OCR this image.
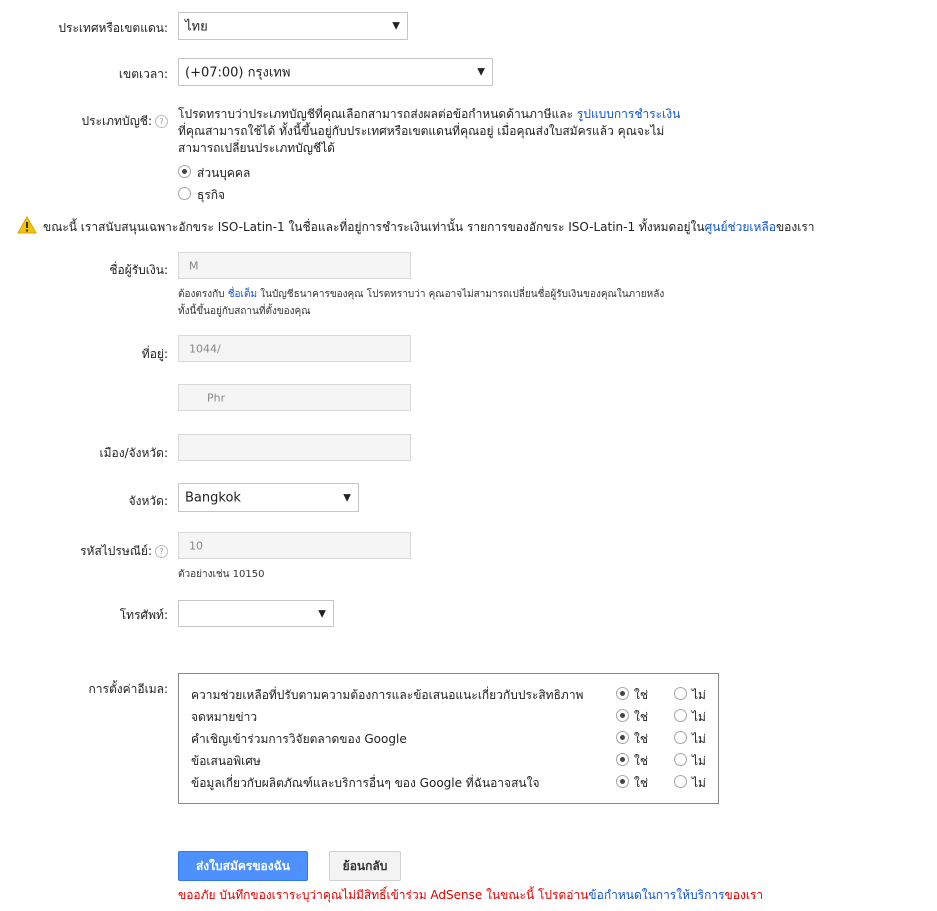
ประเทศหรือเขตแดน: ไทย	▼
เขตเวลา: (+07:00) กรุงเทพ	▼
ประเภทบัญชี: ?
โปรดทราบว่าประเภทบัญชีที่คุณเลือกสามารถส่งผลต่อข้อกำหนดด้านภาษีและ รูปแบบการชำระเงิน
ที่คุณสามารถใช้ได้ ทั้งนี้ขึ้นอยู่กับประเทศหรือเขตแดนที่คุณอยู่ เมื่อคุณส่งใบสมัครแล้ว คุณจะไม่
สามารถเปลี่ยนประเภทบัญชีได้
ส่วนบุคคล
ธุรกิจ
ขณะนี้ เราสนับสนุนเฉพาะอักขระ ISO-Latin-1 ในชื่อและที่อยู่การชำระเงินเท่านั้น รายการของอักขระ ISO-Latin-1 ทั้งหมดอยู่ในศูนย์ช่วยเหลือของเรา
ชื่อผู้รับเงิน: M
ต้องตรงกับ ชื่อเต็ม ในบัญชีธนาคารของคุณ โปรดทราบว่า คุณอาจไม่สามารถเปลี่ยนชื่อผู้รับเงินของคุณในภายหลัง
ทั้งนี้ขึ้นอยู่กับสถานที่ตั้งของคุณ
ที่อยู่: 1044/
Phr
เมือง/จังหวัด:
จังหวัด: Bangkok	▼
รหัสไปรษณีย์: ?	10
ตัวอย่างเช่น 10150
โทรศัพท์:	▼
การตั้งค่าอีเมล: ความช่วยเหลือที่ปรับตามความต้องการและข้อเสนอแนะเกี่ยวกับประสิทธิภาพ	ใช่	ไม่
จดหมายข่าว	ใช่	ไม่
คำเชิญเข้าร่วมการวิจัยตลาดของ Google	ใช่	ไม่
ข้อเสนอพิเศษ	ใช่	ไม่
ข้อมูลเกี่ยวกับผลิตภัณฑ์และบริการอื่นๆ ของ Google ที่ฉันอาจสนใจ	ใช่	ไม่
ส่งใบสมัครของฉัน	ย้อนกลับ
ขออภัย บันทึกของเราระบุว่าคุณไม่มีสิทธิ์เข้าร่วม AdSense ในขณะนี้ โปรดอ่านข้อกำหนดในการให้บริการของเรา
